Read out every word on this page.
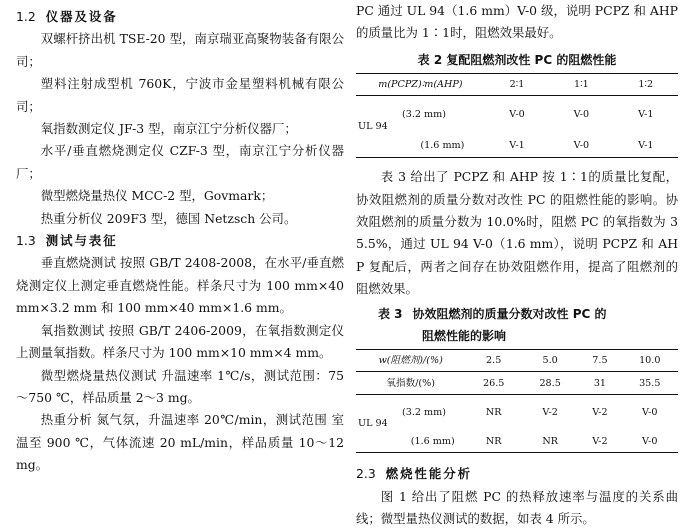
1.2 仪器及设备

双螺杆挤出机 TSE-20 型，南京瑞亚高聚物装备有限公司；

塑料注射成型机 760K，宁波市金星塑料机械有限公司；

氧指数测定仪 JF-3 型，南京江宁分析仪器厂；

水平/垂直燃烧测定仪 CZF-3 型，南京江宁分析仪器厂；

微型燃烧量热仪 MCC-2 型，Govmark；

热重分析仪 209F3 型，德国 Netzsch 公司。

1.3 测试与表征

垂直燃烧测试 按照 GB/T 2408-2008，在水平/垂直燃烧测定仪上测定垂直燃烧性能。样条尺寸为 100 mm×40 mm×3.2 mm 和 100 mm×40 mm×1.6 mm。

氧指数测试 按照 GB/T 2406-2009，在氧指数测定仪上测量氧指数。样条尺寸为 100 mm×10 mm×4 mm。

微型燃烧量热仪测试 升温速率 1℃/s，测试范围：75～750 ℃，样品质量 2～3 mg。

热重分析 氮气氛，升温速率 20℃/min，测试范围 室温至 900 ℃，气体流速 20 mL/min，样品质量 10～12 mg。

PC 通过 UL 94（1.6 mm）V-0 级，说明 PCPZ 和 AHP 的质量比为 1∶1时，阻燃效果最好。

表 2 复配阻燃剂改性 PC 的阻燃性能

m(PCPZ)∶m(AHP)	2∶1	1∶1	1∶2

UL 94
(3.2 mm)	V-0	V-0	V-1
(1.6 mm)	V-1	V-0	V-1

表 3 给出了 PCPZ 和 AHP 按 1∶1的质量比复配，协效阻燃剂的质量分数对改性 PC 的阻燃性能的影响。协效阻燃剂的质量分数为 10.0%时，阻燃 PC 的氧指数为 35.5%，通过 UL 94 V-0（1.6 mm），说明 PCPZ 和 AHP 复配后，两者之间存在协效阻燃作用，提高了阻燃剂的阻燃效果。

表 3 协效阻燃剂的质量分数对改性 PC 的
阻燃性能的影响

w(阻燃剂)/(%)	2.5	5.0	7.5	10.0
氧指数/(%)	26.5	28.5	31	35.5

UL 94
(3.2 mm)	NR	V-2	V-2	V-0
(1.6 mm)	NR	NR	V-2	V-0

2.3 燃烧性能分析

图 1 给出了阻燃 PC 的热释放速率与温度的关系曲线；微型量热仪测试的数据，如表 4 所示。
